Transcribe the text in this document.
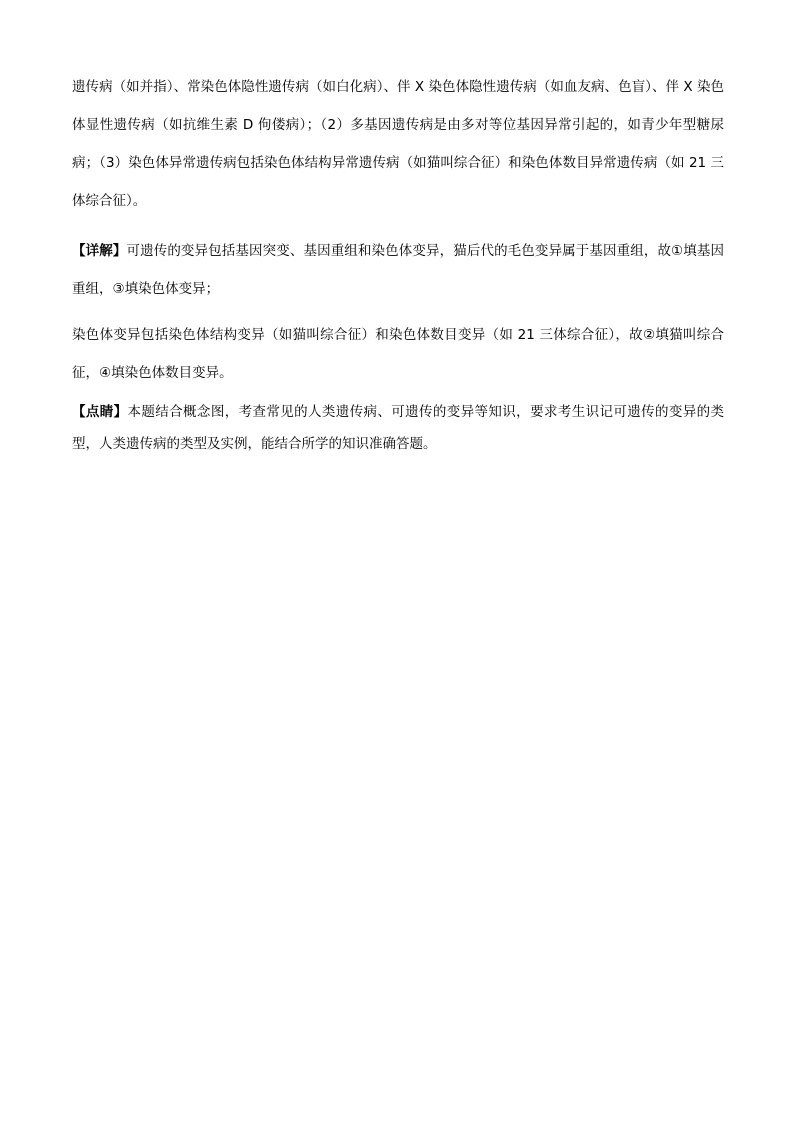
遗传病（如并指）、常染色体隐性遗传病（如白化病）、伴 X 染色体隐性遗传病（如血友病、色盲）、伴 X 染色体显性遗传病（如抗维生素 D 佝偻病）；（2）多基因遗传病是由多对等位基因异常引起的，如青少年型糖尿病；（3）染色体异常遗传病包括染色体结构异常遗传病（如猫叫综合征）和染色体数目异常遗传病（如 21 三体综合征）。

【详解】可遗传的变异包括基因突变、基因重组和染色体变异，猫后代的毛色变异属于基因重组，故①填基因重组，③填染色体变异；

染色体变异包括染色体结构变异（如猫叫综合征）和染色体数目变异（如 21 三体综合征），故②填猫叫综合征，④填染色体数目变异。

【点睛】本题结合概念图，考查常见的人类遗传病、可遗传的变异等知识，要求考生识记可遗传的变异的类型，人类遗传病的类型及实例，能结合所学的知识准确答题。
